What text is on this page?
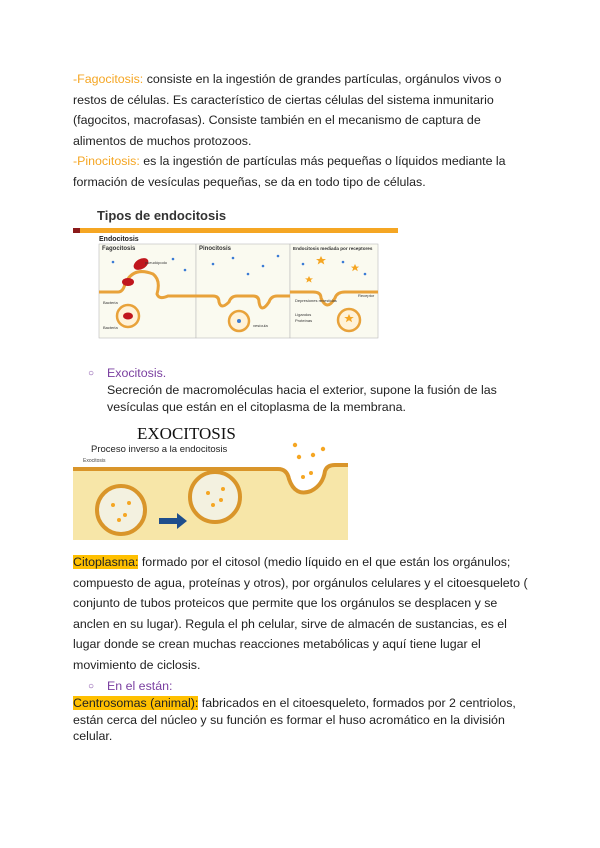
-Fagocitosis: consiste en la ingestión de grandes partículas, orgánulos vivos o restos de células. Es característico de ciertas células del sistema inmunitario (fagocitos, macrofasas). Consiste también en el mecanismo de captura de alimentos de muchos protozoos.

-Pinocitosis: es la ingestión de partículas más pequeñas o líquidos mediante la formación de vesículas pequeñas, se da en todo tipo de células.

Tipos de endocitosis
Endocitosis
Fagocitosis	Pinocitosis	Endocitosis mediada por receptores
Bacteria
Bacteria
pseudópodo
vesícula
Receptor
Depresiones revestidas
Ligandos
Proteínas
○ Exocitosis.
Secreción de macromoléculas hacia el exterior, supone la fusión de las vesículas que están en el citoplasma de la membrana.
EXOCITOSIS
Proceso inverso a la endocitosis
Exocitosis

Citoplasma: formado por el citosol (medio líquido en el que están los orgánulos; compuesto de agua, proteínas y otros), por orgánulos celulares y el citoesqueleto ( conjunto de tubos proteicos que permite que los orgánulos se desplacen y se anclen en su lugar). Regula el ph celular, sirve de almacén de sustancias, es el lugar donde se crean muchas reacciones metabólicas y aquí tiene lugar el movimiento de ciclosis.

○ En el están:

Centrosomas (animal): fabricados en el citoesqueleto, formados por 2 centriolos, están cerca del núcleo y su función es formar el huso acromático en la división celular.
